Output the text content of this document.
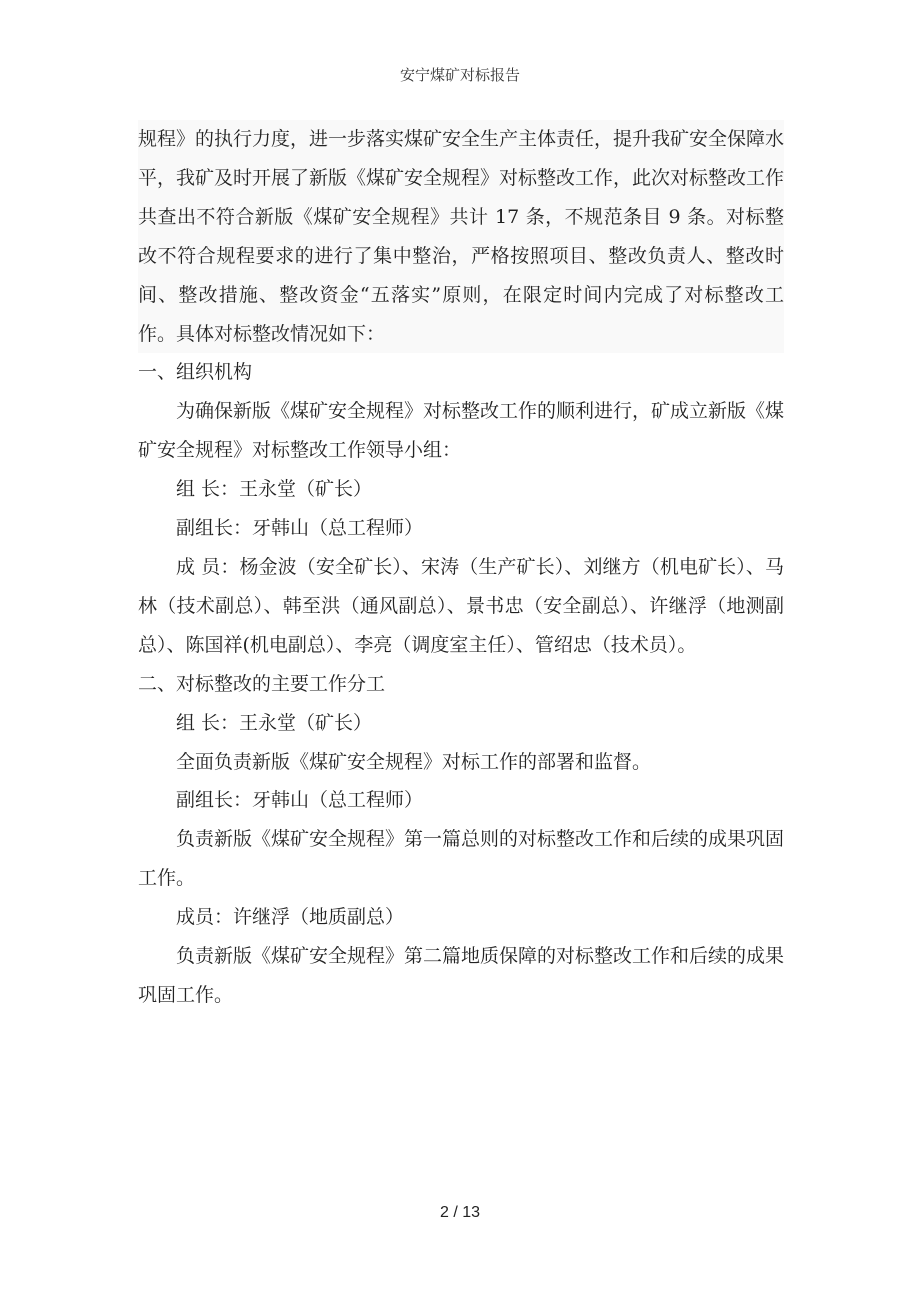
安宁煤矿对标报告

规程》的执行力度，进一步落实煤矿安全生产主体责任，提升我矿安全保障水平，我矿及时开展了新版《煤矿安全规程》对标整改工作，此次对标整改工作共查出不符合新版《煤矿安全规程》共计 17 条，不规范条目 9 条。对标整改不符合规程要求的进行了集中整治，严格按照项目、整改负责人、整改时间、整改措施、整改资金“五落实”原则，在限定时间内完成了对标整改工作。具体对标整改情况如下：

一、组织机构

为确保新版《煤矿安全规程》对标整改工作的顺利进行，矿成立新版《煤矿安全规程》对标整改工作领导小组：

组 长：王永堂（矿长）

副组长：牙韩山（总工程师）

成 员：杨金波（安全矿长）、宋涛（生产矿长）、刘继方（机电矿长）、马林（技术副总）、韩至洪（通风副总）、景书忠（安全副总）、许继浮（地测副总）、陈国祥(机电副总）、李亮（调度室主任）、管绍忠（技术员）。

二、对标整改的主要工作分工

组 长：王永堂（矿长）

全面负责新版《煤矿安全规程》对标工作的部署和监督。

副组长：牙韩山（总工程师）

负责新版《煤矿安全规程》第一篇总则的对标整改工作和后续的成果巩固工作。

成员：许继浮（地质副总）

负责新版《煤矿安全规程》第二篇地质保障的对标整改工作和后续的成果巩固工作。

2 / 13
